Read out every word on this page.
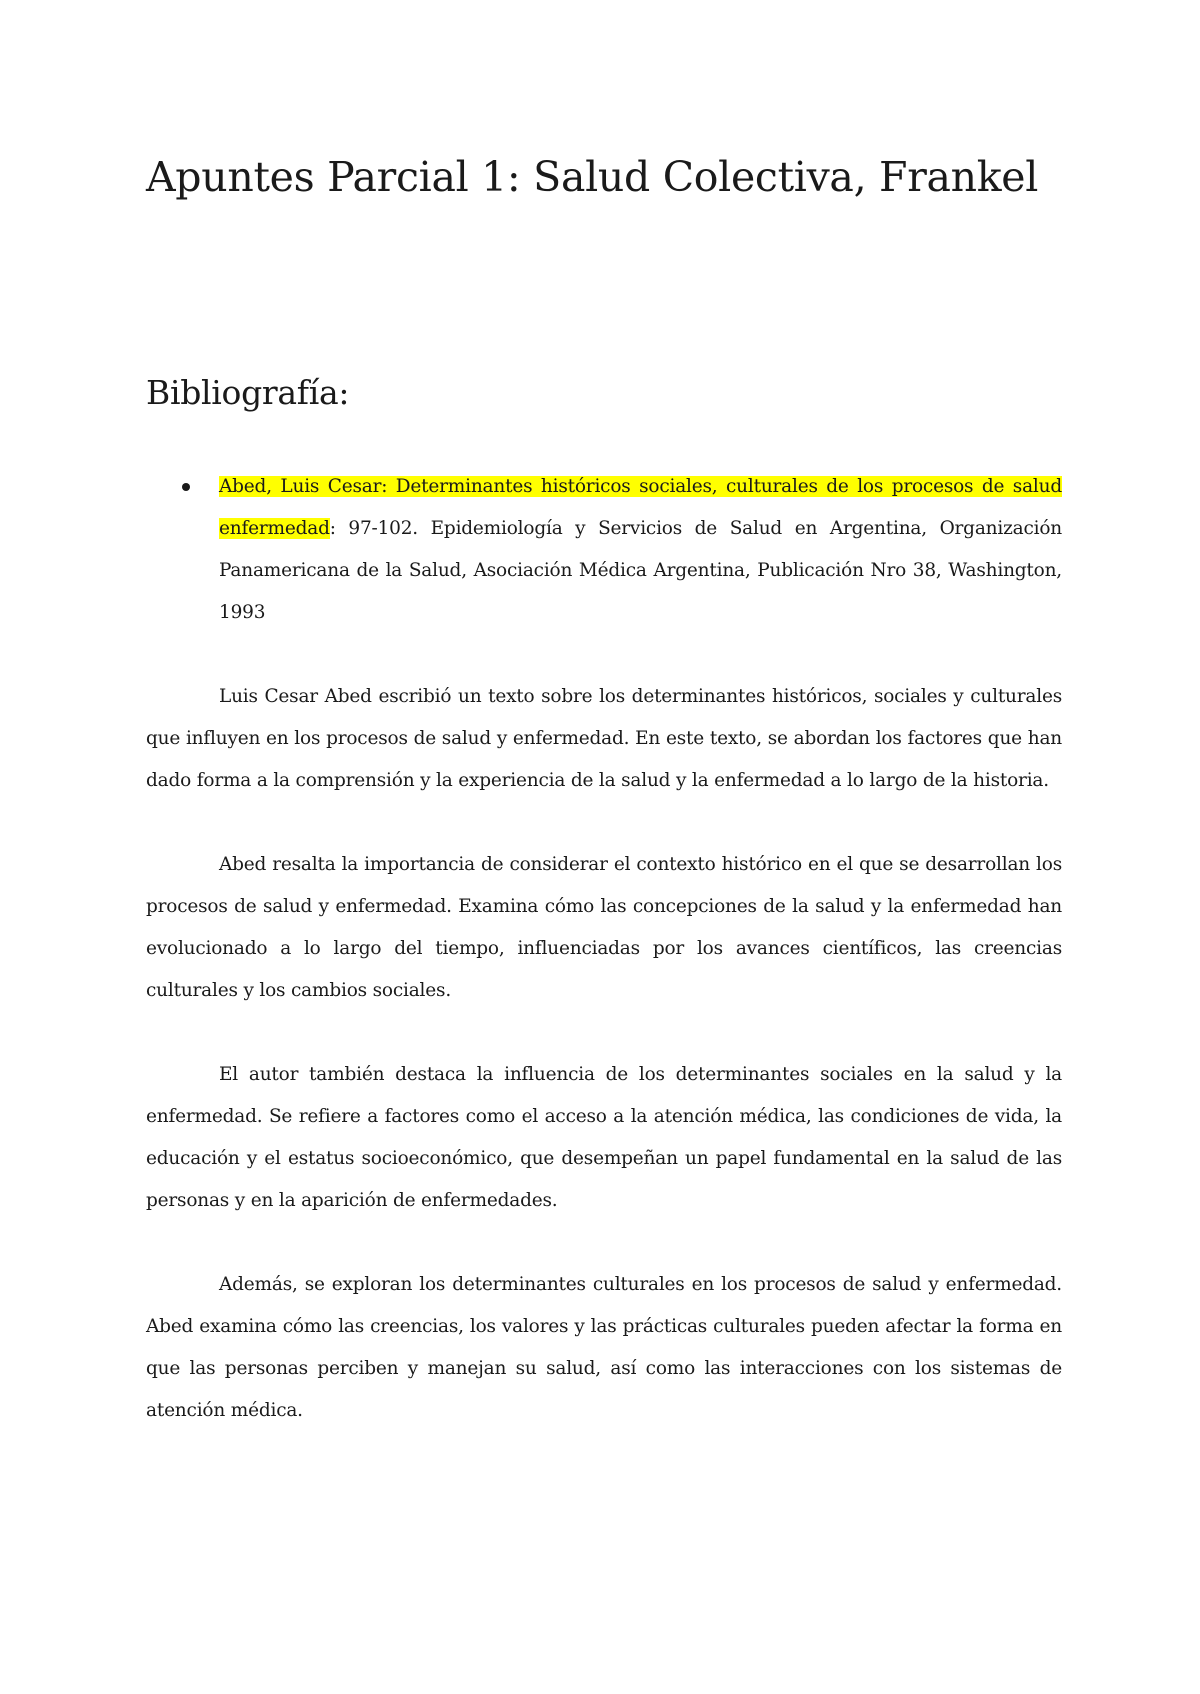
Apuntes Parcial 1: Salud Colectiva, Frankel
Bibliografía:
Abed, Luis Cesar: Determinantes históricos sociales, culturales de los procesos de salud enfermedad: 97-102. Epidemiología y Servicios de Salud en Argentina, Organización Panamericana de la Salud, Asociación Médica Argentina, Publicación Nro 38, Washington, 1993

Luis Cesar Abed escribió un texto sobre los determinantes históricos, sociales y culturales que influyen en los procesos de salud y enfermedad. En este texto, se abordan los factores que han dado forma a la comprensión y la experiencia de la salud y la enfermedad a lo largo de la historia.

Abed resalta la importancia de considerar el contexto histórico en el que se desarrollan los procesos de salud y enfermedad. Examina cómo las concepciones de la salud y la enfermedad han evolucionado a lo largo del tiempo, influenciadas por los avances científicos, las creencias culturales y los cambios sociales.

El autor también destaca la influencia de los determinantes sociales en la salud y la enfermedad. Se refiere a factores como el acceso a la atención médica, las condiciones de vida, la educación y el estatus socioeconómico, que desempeñan un papel fundamental en la salud de las personas y en la aparición de enfermedades.

Además, se exploran los determinantes culturales en los procesos de salud y enfermedad. Abed examina cómo las creencias, los valores y las prácticas culturales pueden afectar la forma en que las personas perciben y manejan su salud, así como las interacciones con los sistemas de atención médica.
